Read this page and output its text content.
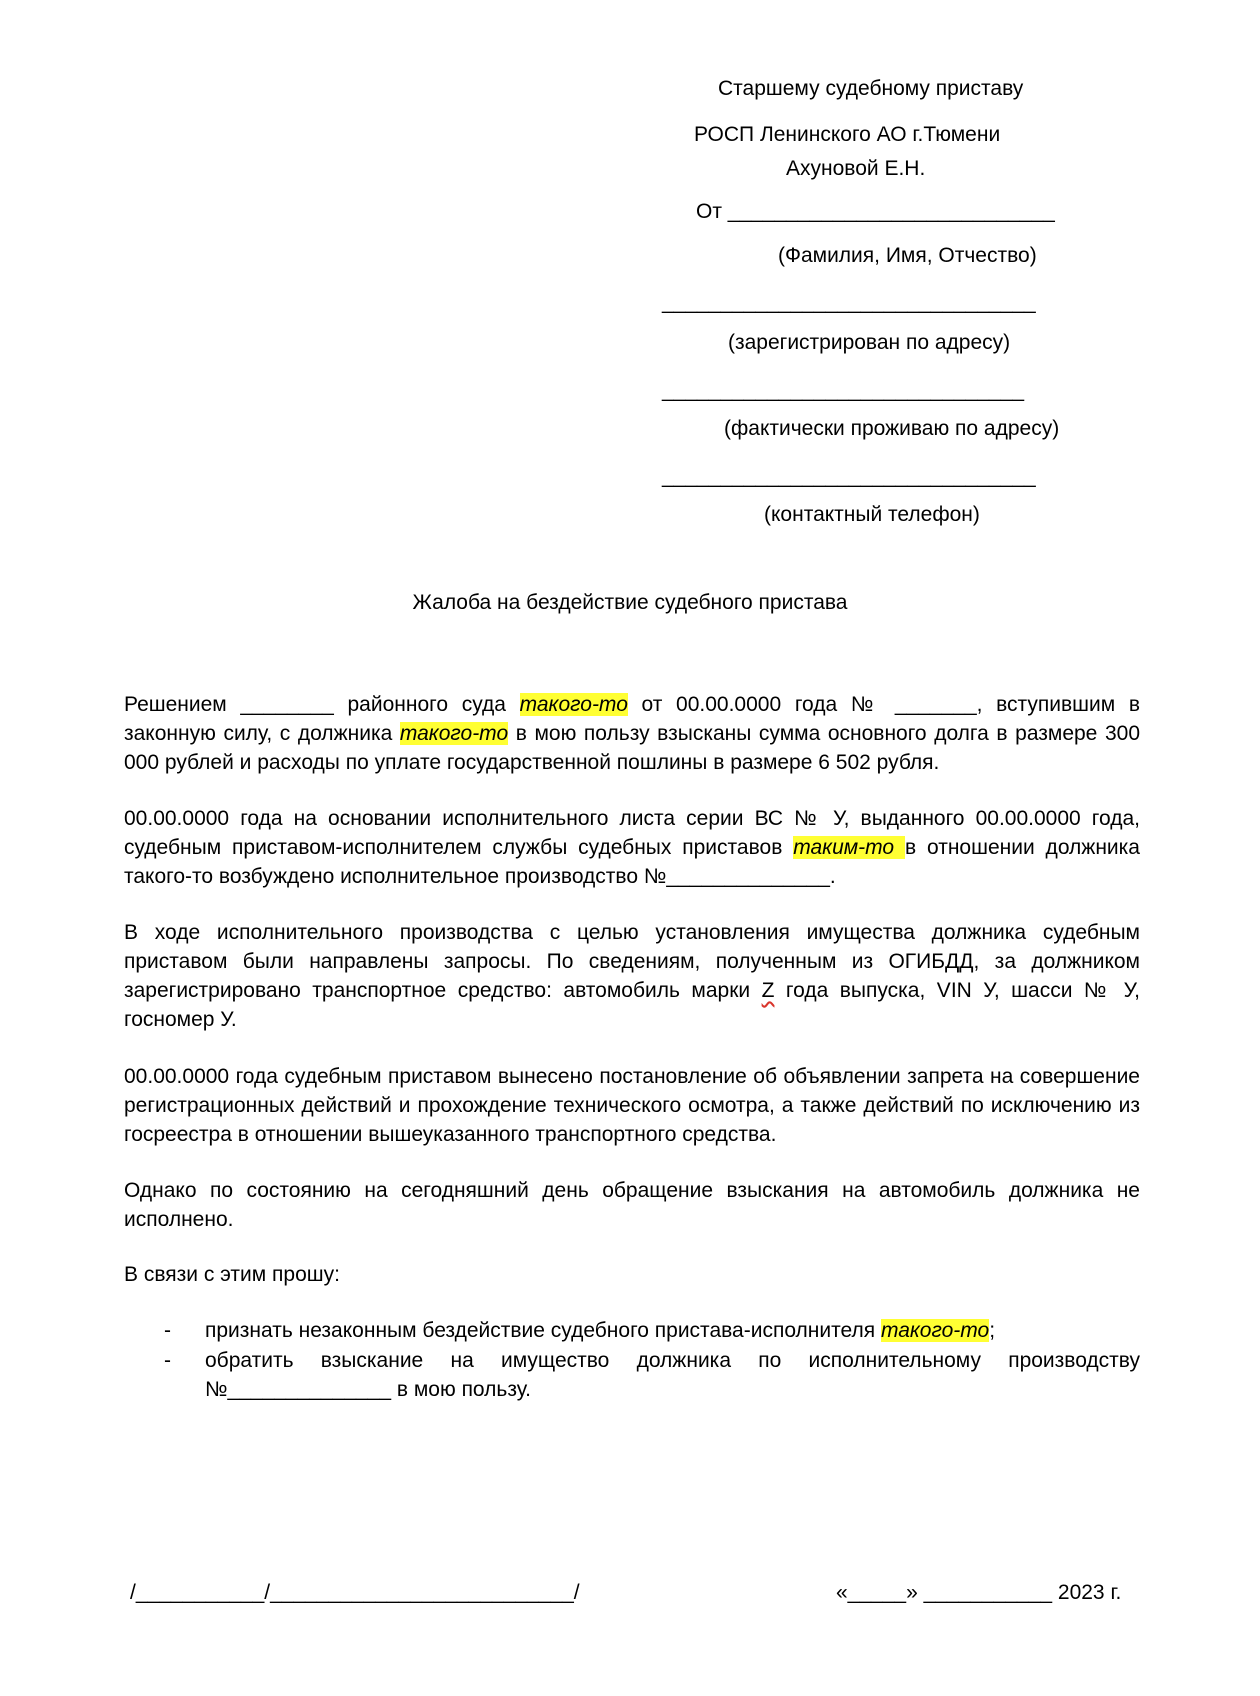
Старшему судебному приставу
РОСП Ленинского АО г.Тюмени
Ахуновой Е.Н.
От ____________________________
(Фамилия, Имя, Отчество)
________________________________
(зарегистрирован по адресу)
_______________________________
(фактически проживаю по адресу)
________________________________
(контактный телефон)
Жалоба на бездействие судебного пристава

Решением ________ районного суда такого-то от 00.00.0000 года № _______, вступившим в законную силу, с должника такого-то в мою пользу взысканы сумма основного долга в размере 300 000 рублей и расходы по уплате государственной пошлины в размере 6 502 рубля.

00.00.0000 года на основании исполнительного листа серии ВС № У, выданного 00.00.0000 года, судебным приставом-исполнителем службы судебных приставов таким-то в отношении должника такого-то возбуждено исполнительное производство №______________.

В ходе исполнительного производства с целью установления имущества должника судебным приставом были направлены запросы. По сведениям, полученным из ОГИБДД, за должником зарегистрировано транспортное средство: автомобиль марки Z года выпуска, VIN У, шасси № У, госномер У.

00.00.0000 года судебным приставом вынесено постановление об объявлении запрета на совершение регистрационных действий и прохождение технического осмотра, а также действий по исключению из госреестра в отношении вышеуказанного транспортного средства.

Однако по состоянию на сегодняшний день обращение взыскания на автомобиль должника не исполнено.

В связи с этим прошу:

- признать незаконным бездействие судебного пристава-исполнителя такого-то;

- обратить взыскание на имущество должника по исполнительному производству №______________ в мою пользу.

/___________/__________________________/	«_____» ___________ 2023 г.
